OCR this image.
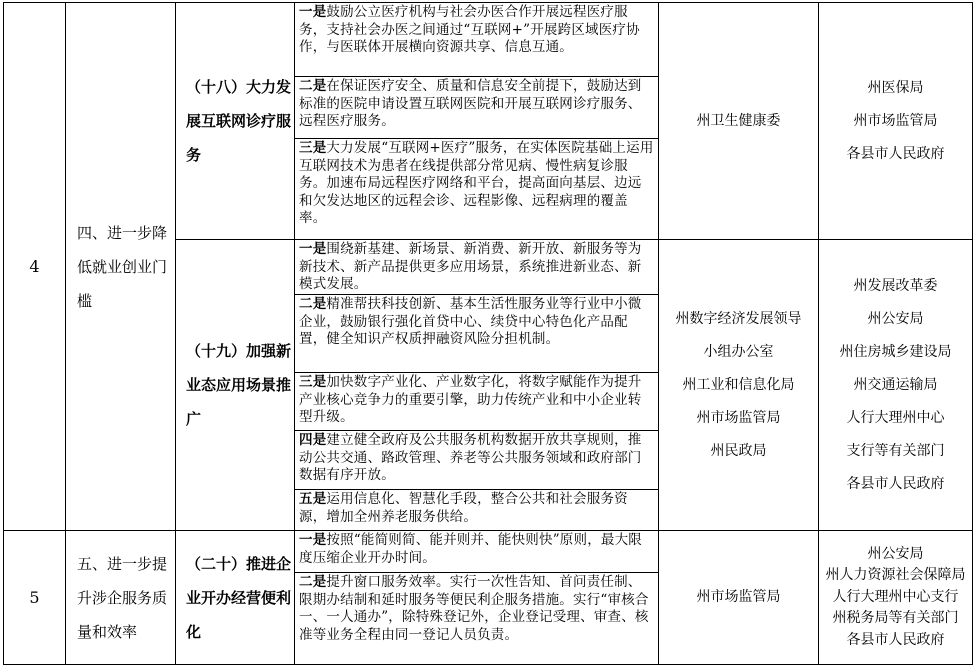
4
四、进一步降低就业创业门槛
（十八）大力发展互联网诊疗服务
一是鼓励公立医疗机构与社会办医合作开展远程医疗服务，支持社会办医之间通过“互联网+”开展跨区域医疗协作，与医联体开展横向资源共享、信息互通。
二是在保证医疗安全、质量和信息安全前提下，鼓励达到标准的医院申请设置互联网医院和开展互联网诊疗服务、远程医疗服务。
三是大力发展“互联网+医疗”服务，在实体医院基础上运用互联网技术为患者在线提供部分常见病、慢性病复诊服务。加速布局远程医疗网络和平台，提高面向基层、边远和欠发达地区的远程会诊、远程影像、远程病理的覆盖率。
州卫生健康委
州医保局
州市场监管局
各县市人民政府
（十九）加强新业态应用场景推广
一是围绕新基建、新场景、新消费、新开放、新服务等为新技术、新产品提供更多应用场景，系统推进新业态、新模式发展。
二是精准帮扶科技创新、基本生活性服务业等行业中小微企业，鼓励银行强化首贷中心、续贷中心特色化产品配置，健全知识产权质押融资风险分担机制。
三是加快数字产业化、产业数字化，将数字赋能作为提升产业核心竞争力的重要引擎，助力传统产业和中小企业转型升级。
四是建立健全政府及公共服务机构数据开放共享规则，推动公共交通、路政管理、养老等公共服务领域和政府部门数据有序开放。
五是运用信息化、智慧化手段，整合公共和社会服务资源，增加全州养老服务供给。
州数字经济发展领导
小组办公室
州工业和信息化局
州市场监管局
州民政局
州发展改革委
州公安局
州住房城乡建设局
州交通运输局
人行大理州中心
支行等有关部门
各县市人民政府
5
五、进一步提升涉企服务质量和效率
（二十）推进企业开办经营便利化
一是按照“能简则简、能并则并、能快则快”原则，最大限度压缩企业开办时间。
二是提升窗口服务效率。实行一次性告知、首问责任制、限期办结制和延时服务等便民利企服务措施。实行“审核合一、一人通办”，除特殊登记外，企业登记受理、审查、核准等业务全程由同一登记人员负责。
州市场监管局
州公安局
州人力资源社会保障局
人行大理州中心支行
州税务局等有关部门
各县市人民政府
